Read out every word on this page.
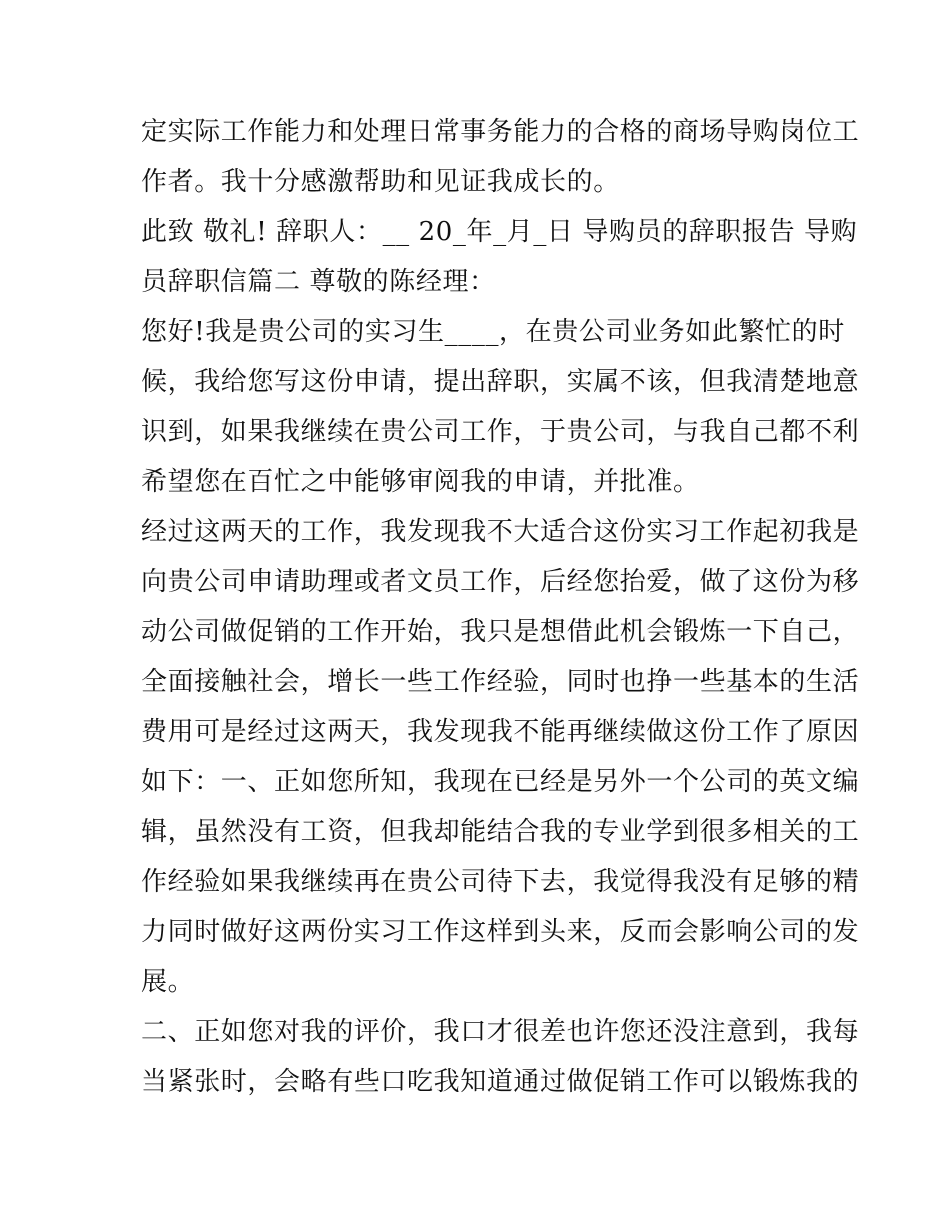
定实际工作能力和处理日常事务能力的合格的商场导购岗位工
作者。我十分感激帮助和见证我成长的。
此致 敬礼! 辞职人：__ 20_年_月_日 导购员的辞职报告 导购
员辞职信篇二 尊敬的陈经理：
您好!我是贵公司的实习生____，在贵公司业务如此繁忙的时
候，我给您写这份申请，提出辞职，实属不该，但我清楚地意
识到，如果我继续在贵公司工作，于贵公司，与我自己都不利
希望您在百忙之中能够审阅我的申请，并批准。
经过这两天的工作，我发现我不大适合这份实习工作起初我是
向贵公司申请助理或者文员工作，后经您抬爱，做了这份为移
动公司做促销的工作开始，我只是想借此机会锻炼一下自己，
全面接触社会，增长一些工作经验，同时也挣一些基本的生活
费用可是经过这两天，我发现我不能再继续做这份工作了原因
如下：一、正如您所知，我现在已经是另外一个公司的英文编
辑，虽然没有工资，但我却能结合我的专业学到很多相关的工
作经验如果我继续再在贵公司待下去，我觉得我没有足够的精
力同时做好这两份实习工作这样到头来，反而会影响公司的发
展。
二、正如您对我的评价，我口才很差也许您还没注意到，我每
当紧张时，会略有些口吃我知道通过做促销工作可以锻炼我的
